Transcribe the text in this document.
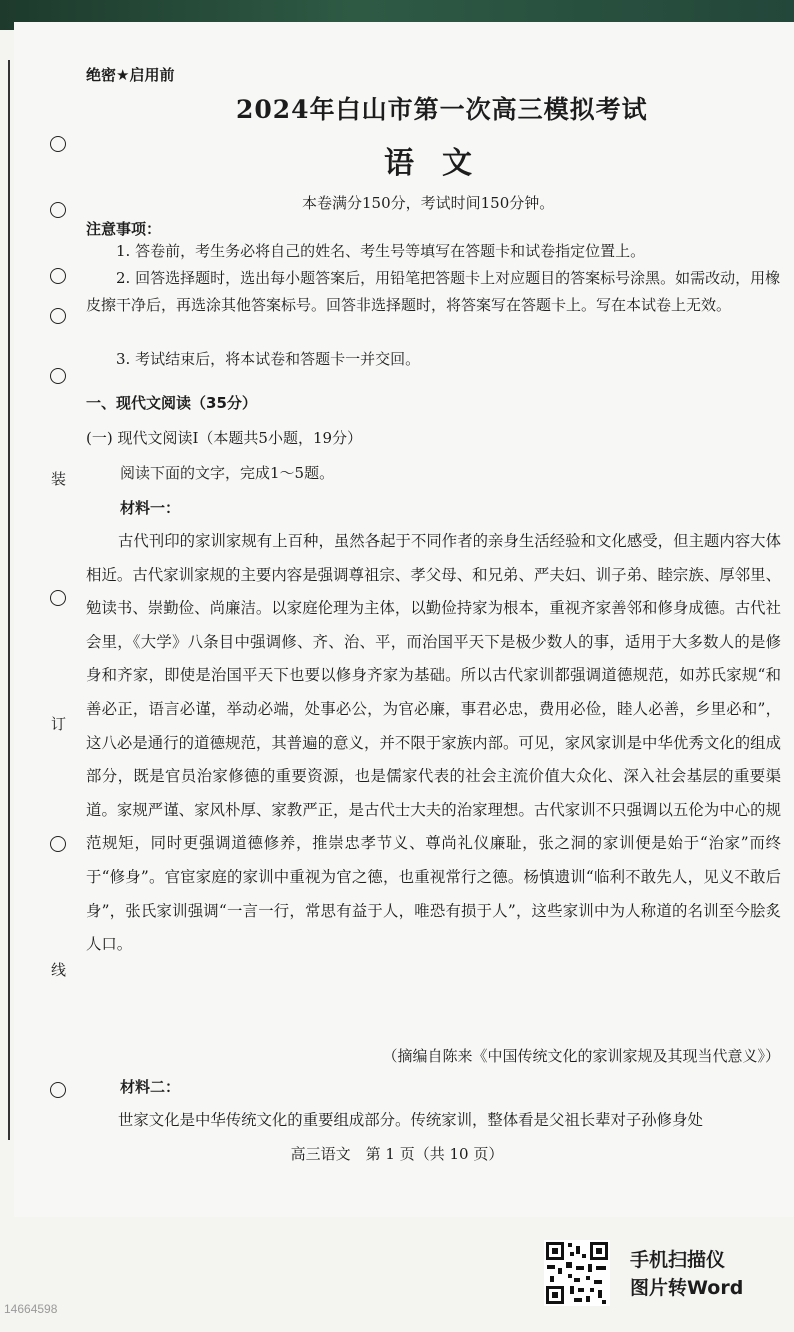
装
订
线
绝密★启用前
2024年白山市第一次高三模拟考试
语文
本卷满分150分，考试时间150分钟。
注意事项：
1. 答卷前，考生务必将自己的姓名、考生号等填写在答题卡和试卷指定位置上。
2. 回答选择题时，选出每小题答案后，用铅笔把答题卡上对应题目的答案标号涂黑。如需改动，用橡皮擦干净后，再选涂其他答案标号。回答非选择题时，将答案写在答题卡上。写在本试卷上无效。
3. 考试结束后，将本试卷和答题卡一并交回。
一、现代文阅读（35分）
(一) 现代文阅读Ⅰ（本题共5小题，19分）
阅读下面的文字，完成1～5题。
材料一：
古代刊印的家训家规有上百种，虽然各起于不同作者的亲身生活经验和文化感受，但主题内容大体相近。古代家训家规的主要内容是强调尊祖宗、孝父母、和兄弟、严夫妇、训子弟、睦宗族、厚邻里、勉读书、崇勤俭、尚廉洁。以家庭伦理为主体，以勤俭持家为根本，重视齐家善邻和修身成德。古代社会里，《大学》八条目中强调修、齐、治、平，而治国平天下是极少数人的事，适用于大多数人的是修身和齐家，即使是治国平天下也要以修身齐家为基础。所以古代家训都强调道德规范，如苏氏家规“和善必正，语言必谨，举动必端，处事必公，为官必廉，事君必忠，费用必俭，睦人必善，乡里必和”，这八必是通行的道德规范，其普遍的意义，并不限于家族内部。可见，家风家训是中华优秀文化的组成部分，既是官员治家修德的重要资源，也是儒家代表的社会主流价值大众化、深入社会基层的重要渠道。家规严谨、家风朴厚、家教严正，是古代士大夫的治家理想。古代家训不只强调以五伦为中心的规范规矩，同时更强调道德修养，推崇忠孝节义、尊尚礼仪廉耻，张之洞的家训便是始于“治家”而终于“修身”。官宦家庭的家训中重视为官之德，也重视常行之德。杨慎遗训“临利不敢先人，见义不敢后身”，张氏家训强调“一言一行，常思有益于人，唯恐有损于人”，这些家训中为人称道的名训至今脍炙人口。
（摘编自陈来《中国传统文化的家训家规及其现当代意义》）
材料二：
世家文化是中华传统文化的重要组成部分。传统家训，整体看是父祖长辈对子孙修身处
高三语文　第 1 页（共 10 页）
手机扫描仪
图片转Word
14664598
